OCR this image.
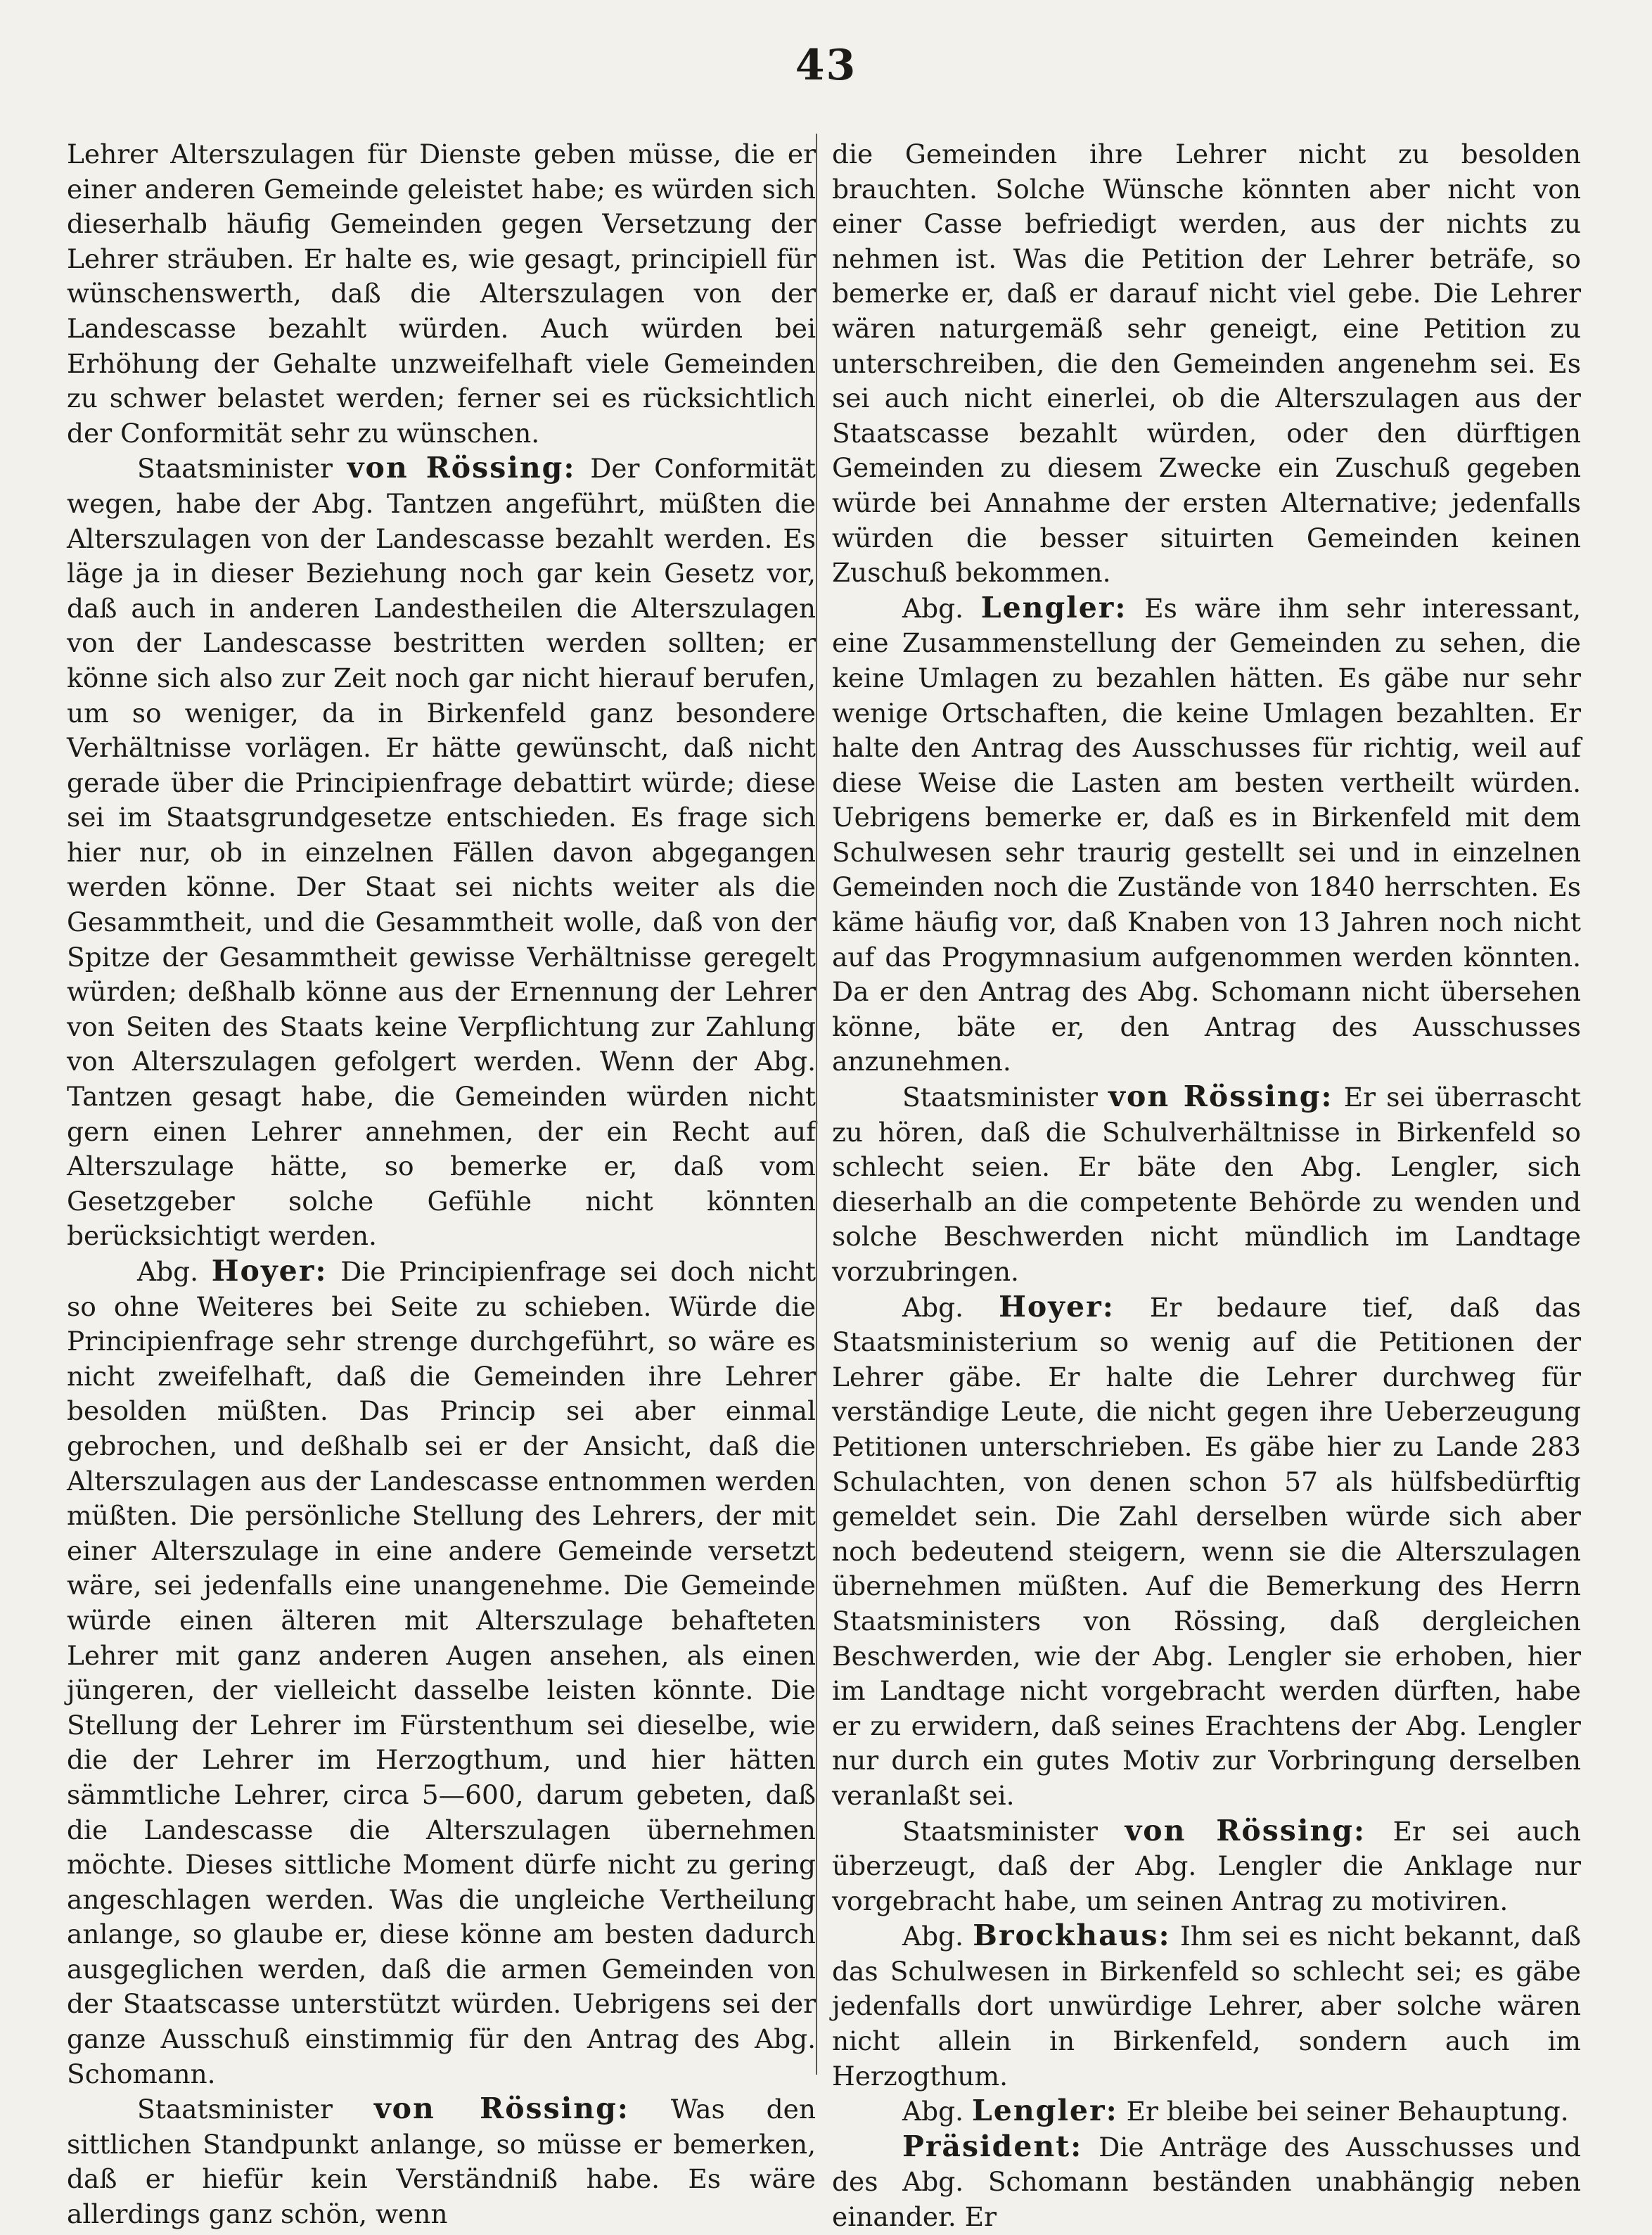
43

Lehrer Alterszulagen für Dienste geben müsse, die er einer anderen Gemeinde geleistet habe; es würden sich dieserhalb häufig Gemeinden gegen Versetzung der Lehrer sträuben. Er halte es, wie gesagt, principiell für wünschenswerth, daß die Alterszulagen von der Landescasse bezahlt würden. Auch würden bei Erhöhung der Gehalte unzweifelhaft viele Gemeinden zu schwer belastet werden; ferner sei es rücksichtlich der Conformität sehr zu wünschen.

Staatsminister von Rössing: Der Conformität wegen, habe der Abg. Tantzen angeführt, müßten die Alterszulagen von der Landescasse bezahlt werden. Es läge ja in dieser Beziehung noch gar kein Gesetz vor, daß auch in anderen Landestheilen die Alterszulagen von der Landescasse bestritten werden sollten; er könne sich also zur Zeit noch gar nicht hierauf berufen, um so weniger, da in Birkenfeld ganz besondere Verhältnisse vorlägen. Er hätte gewünscht, daß nicht gerade über die Principienfrage debattirt würde; diese sei im Staatsgrundgesetze entschieden. Es frage sich hier nur, ob in einzelnen Fällen davon abgegangen werden könne. Der Staat sei nichts weiter als die Gesammtheit, und die Gesammtheit wolle, daß von der Spitze der Gesammtheit gewisse Verhältnisse geregelt würden; deßhalb könne aus der Ernennung der Lehrer von Seiten des Staats keine Verpflichtung zur Zahlung von Alterszulagen gefolgert werden. Wenn der Abg. Tantzen gesagt habe, die Gemeinden würden nicht gern einen Lehrer annehmen, der ein Recht auf Alterszulage hätte, so bemerke er, daß vom Gesetzgeber solche Gefühle nicht könnten berücksichtigt werden.

Abg. Hoyer: Die Principienfrage sei doch nicht so ohne Weiteres bei Seite zu schieben. Würde die Principienfrage sehr strenge durchgeführt, so wäre es nicht zweifelhaft, daß die Gemeinden ihre Lehrer besolden müßten. Das Princip sei aber einmal gebrochen, und deßhalb sei er der Ansicht, daß die Alterszulagen aus der Landescasse entnommen werden müßten. Die persönliche Stellung des Lehrers, der mit einer Alterszulage in eine andere Gemeinde versetzt wäre, sei jedenfalls eine unangenehme. Die Gemeinde würde einen älteren mit Alterszulage behafteten Lehrer mit ganz anderen Augen ansehen, als einen jüngeren, der vielleicht dasselbe leisten könnte. Die Stellung der Lehrer im Fürstenthum sei dieselbe, wie die der Lehrer im Herzogthum, und hier hätten sämmtliche Lehrer, circa 5—600, darum gebeten, daß die Landescasse die Alterszulagen übernehmen möchte. Dieses sittliche Moment dürfe nicht zu gering angeschlagen werden. Was die ungleiche Vertheilung anlange, so glaube er, diese könne am besten dadurch ausgeglichen werden, daß die armen Gemeinden von der Staatscasse unterstützt würden. Uebrigens sei der ganze Ausschuß einstimmig für den Antrag des Abg. Schomann.

Staatsminister von Rössing: Was den sittlichen Standpunkt anlange, so müsse er bemerken, daß er hiefür kein Verständniß habe. Es wäre allerdings ganz schön, wenn

die Gemeinden ihre Lehrer nicht zu besolden brauchten. Solche Wünsche könnten aber nicht von einer Casse befriedigt werden, aus der nichts zu nehmen ist. Was die Petition der Lehrer beträfe, so bemerke er, daß er darauf nicht viel gebe. Die Lehrer wären naturgemäß sehr geneigt, eine Petition zu unterschreiben, die den Gemeinden angenehm sei. Es sei auch nicht einerlei, ob die Alterszulagen aus der Staatscasse bezahlt würden, oder den dürftigen Gemeinden zu diesem Zwecke ein Zuschuß gegeben würde bei Annahme der ersten Alternative; jedenfalls würden die besser situirten Gemeinden keinen Zuschuß bekommen.

Abg. Lengler: Es wäre ihm sehr interessant, eine Zusammenstellung der Gemeinden zu sehen, die keine Umlagen zu bezahlen hätten. Es gäbe nur sehr wenige Ortschaften, die keine Umlagen bezahlten. Er halte den Antrag des Ausschusses für richtig, weil auf diese Weise die Lasten am besten vertheilt würden. Uebrigens bemerke er, daß es in Birkenfeld mit dem Schulwesen sehr traurig gestellt sei und in einzelnen Gemeinden noch die Zustände von 1840 herrschten. Es käme häufig vor, daß Knaben von 13 Jahren noch nicht auf das Progymnasium aufgenommen werden könnten. Da er den Antrag des Abg. Schomann nicht übersehen könne, bäte er, den Antrag des Ausschusses anzunehmen.

Staatsminister von Rössing: Er sei überrascht zu hören, daß die Schulverhältnisse in Birkenfeld so schlecht seien. Er bäte den Abg. Lengler, sich dieserhalb an die competente Behörde zu wenden und solche Beschwerden nicht mündlich im Landtage vorzubringen.

Abg. Hoyer: Er bedaure tief, daß das Staatsministerium so wenig auf die Petitionen der Lehrer gäbe. Er halte die Lehrer durchweg für verständige Leute, die nicht gegen ihre Ueberzeugung Petitionen unterschrieben. Es gäbe hier zu Lande 283 Schulachten, von denen schon 57 als hülfsbedürftig gemeldet sein. Die Zahl derselben würde sich aber noch bedeutend steigern, wenn sie die Alterszulagen übernehmen müßten. Auf die Bemerkung des Herrn Staatsministers von Rössing, daß dergleichen Beschwerden, wie der Abg. Lengler sie erhoben, hier im Landtage nicht vorgebracht werden dürften, habe er zu erwidern, daß seines Erachtens der Abg. Lengler nur durch ein gutes Motiv zur Vorbringung derselben veranlaßt sei.

Staatsminister von Rössing: Er sei auch überzeugt, daß der Abg. Lengler die Anklage nur vorgebracht habe, um seinen Antrag zu motiviren.

Abg. Brockhaus: Ihm sei es nicht bekannt, daß das Schulwesen in Birkenfeld so schlecht sei; es gäbe jedenfalls dort unwürdige Lehrer, aber solche wären nicht allein in Birkenfeld, sondern auch im Herzogthum.

Abg. Lengler: Er bleibe bei seiner Behauptung.

Präsident: Die Anträge des Ausschusses und des Abg. Schomann beständen unabhängig neben einander. Er
